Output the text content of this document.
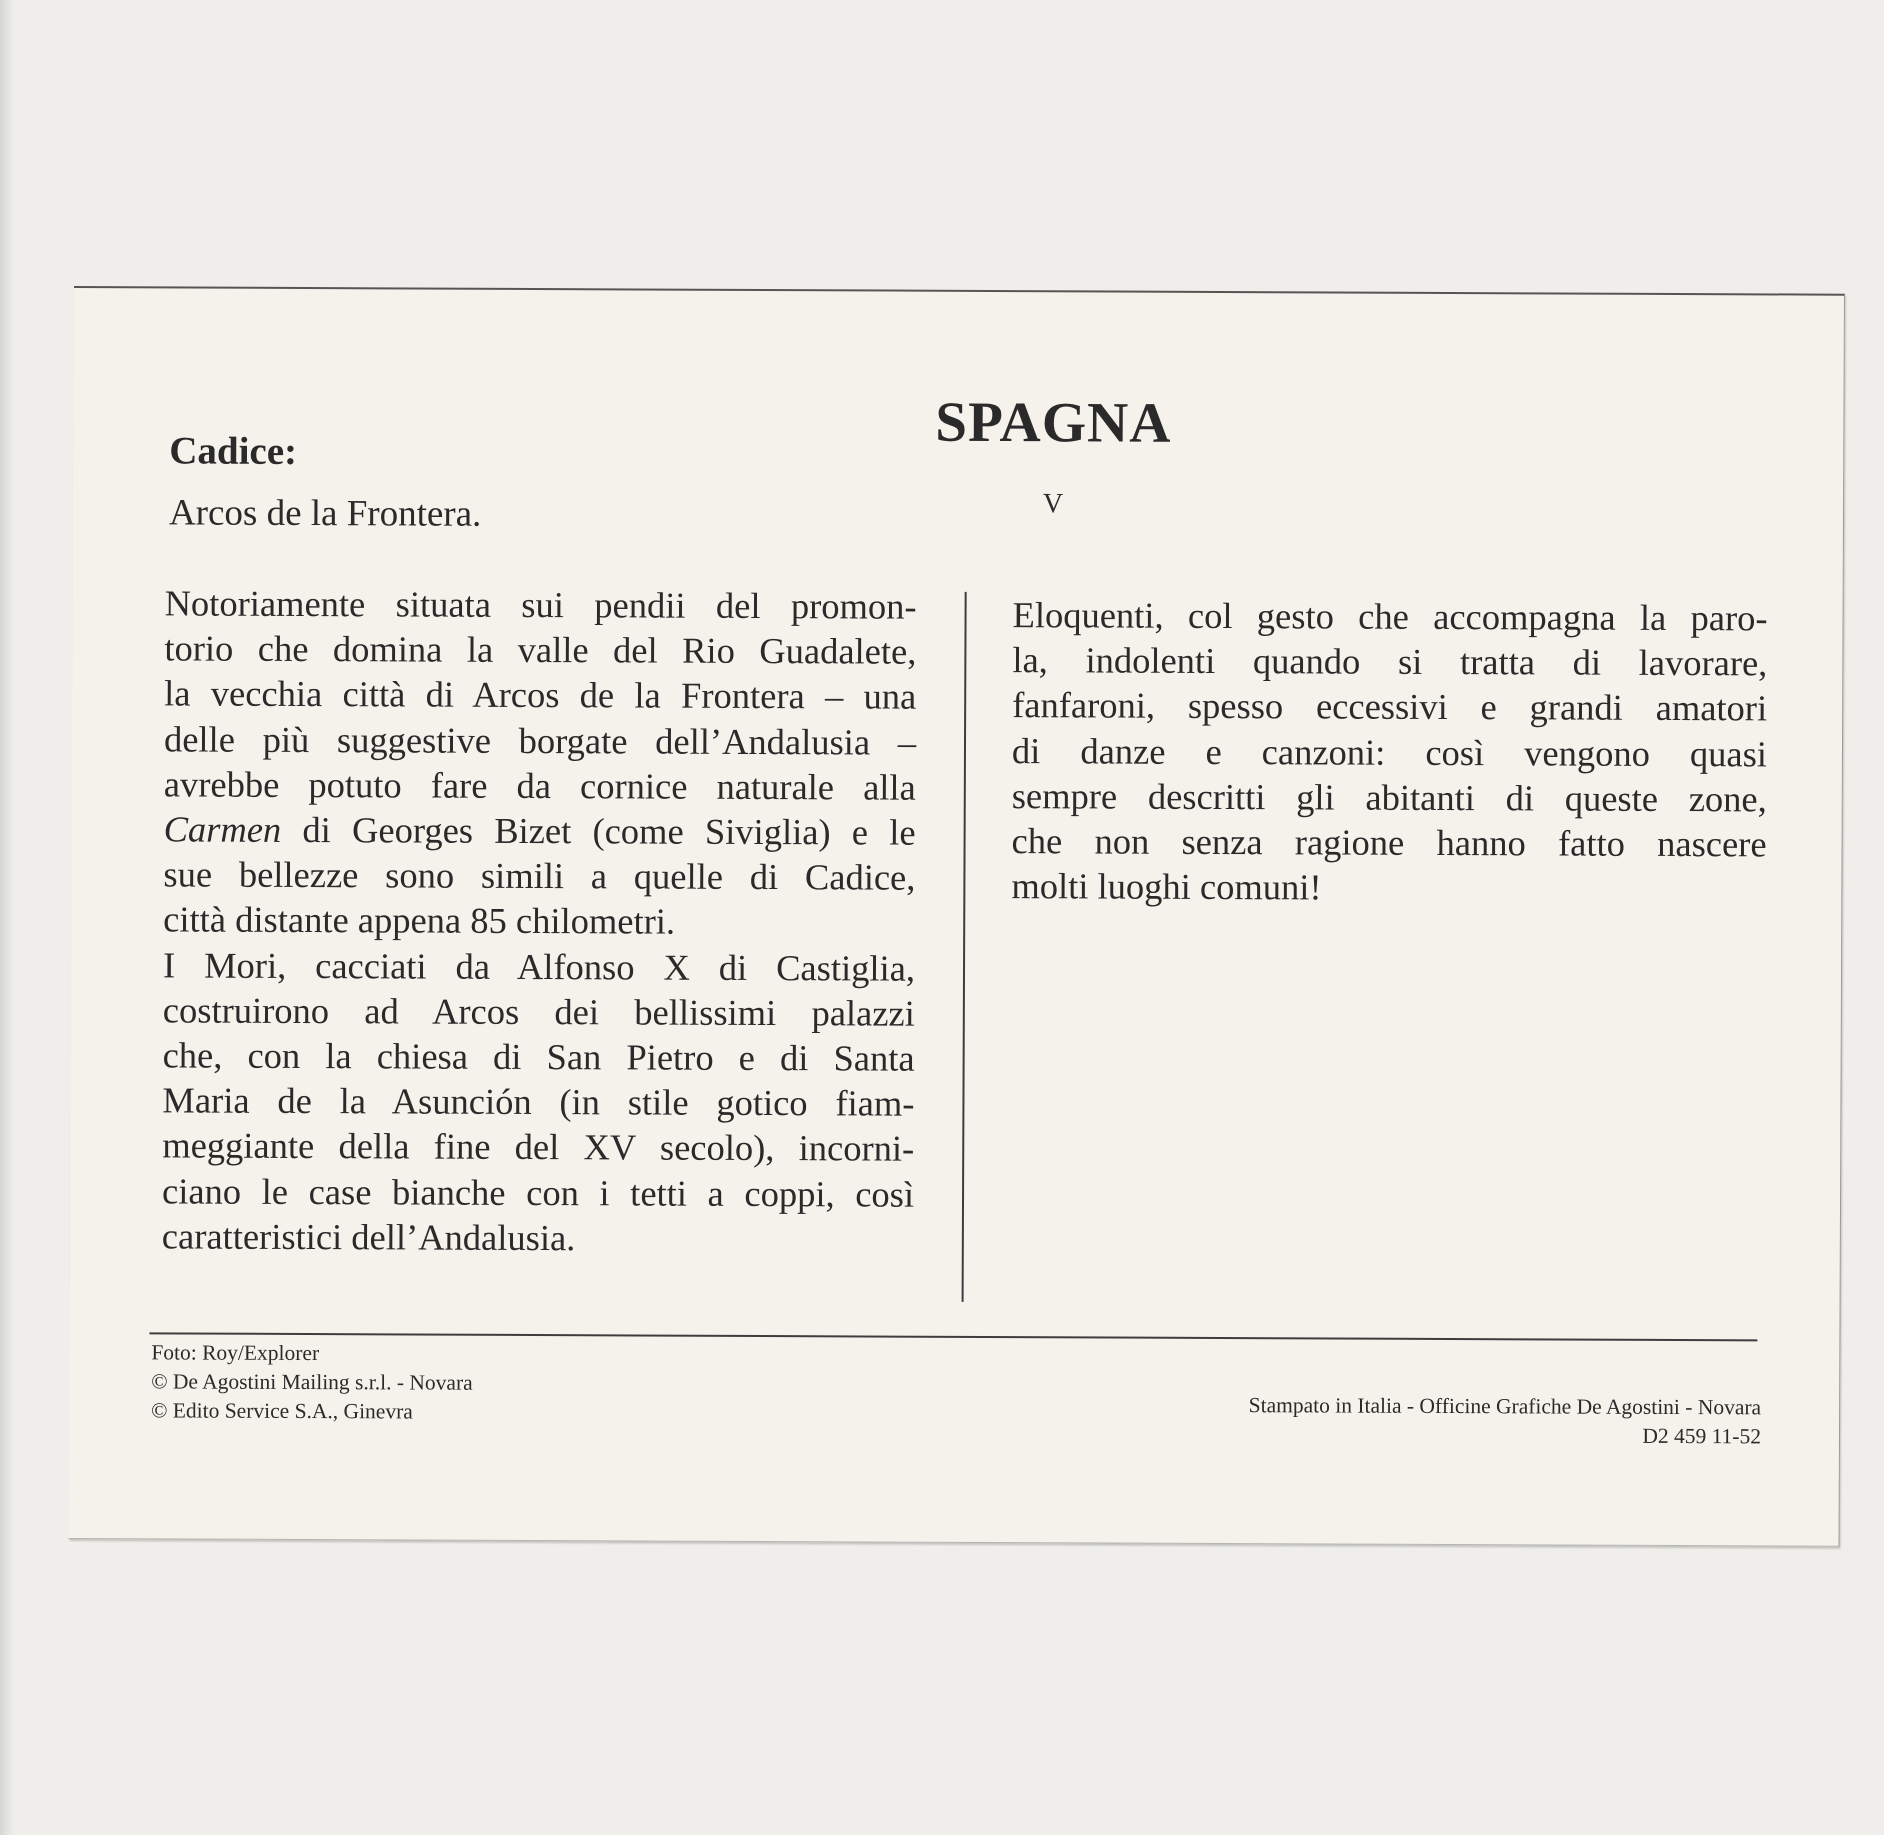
SPAGNA
V
Cadice:
Arcos de la Frontera.

Notoriamente situata sui pendii del promon-
torio che domina la valle del Rio Guadalete,
la vecchia città di Arcos de la Frontera – una
delle più suggestive borgate dell’Andalusia –
avrebbe potuto fare da cornice naturale alla
Carmen di Georges Bizet (come Siviglia) e le
sue bellezze sono simili a quelle di Cadice,
città distante appena 85 chilometri.

I Mori, cacciati da Alfonso X di Castiglia,
costruirono ad Arcos dei bellissimi palazzi
che, con la chiesa di San Pietro e di Santa
Maria de la Asunción (in stile gotico fiam-
meggiante della fine del XV secolo), incorni-
ciano le case bianche con i tetti a coppi, così
caratteristici dell’Andalusia.

Eloquenti, col gesto che accompagna la paro-
la, indolenti quando si tratta di lavorare,
fanfaroni, spesso eccessivi e grandi amatori
di danze e canzoni: così vengono quasi
sempre descritti gli abitanti di queste zone,
che non senza ragione hanno fatto nascere
molti luoghi comuni!
Foto: Roy/Explorer
© De Agostini Mailing s.r.l. - Novara
© Edito Service S.A., Ginevra	Stampato in Italia - Officine Grafiche De Agostini - Novara
D2 459 11-52
